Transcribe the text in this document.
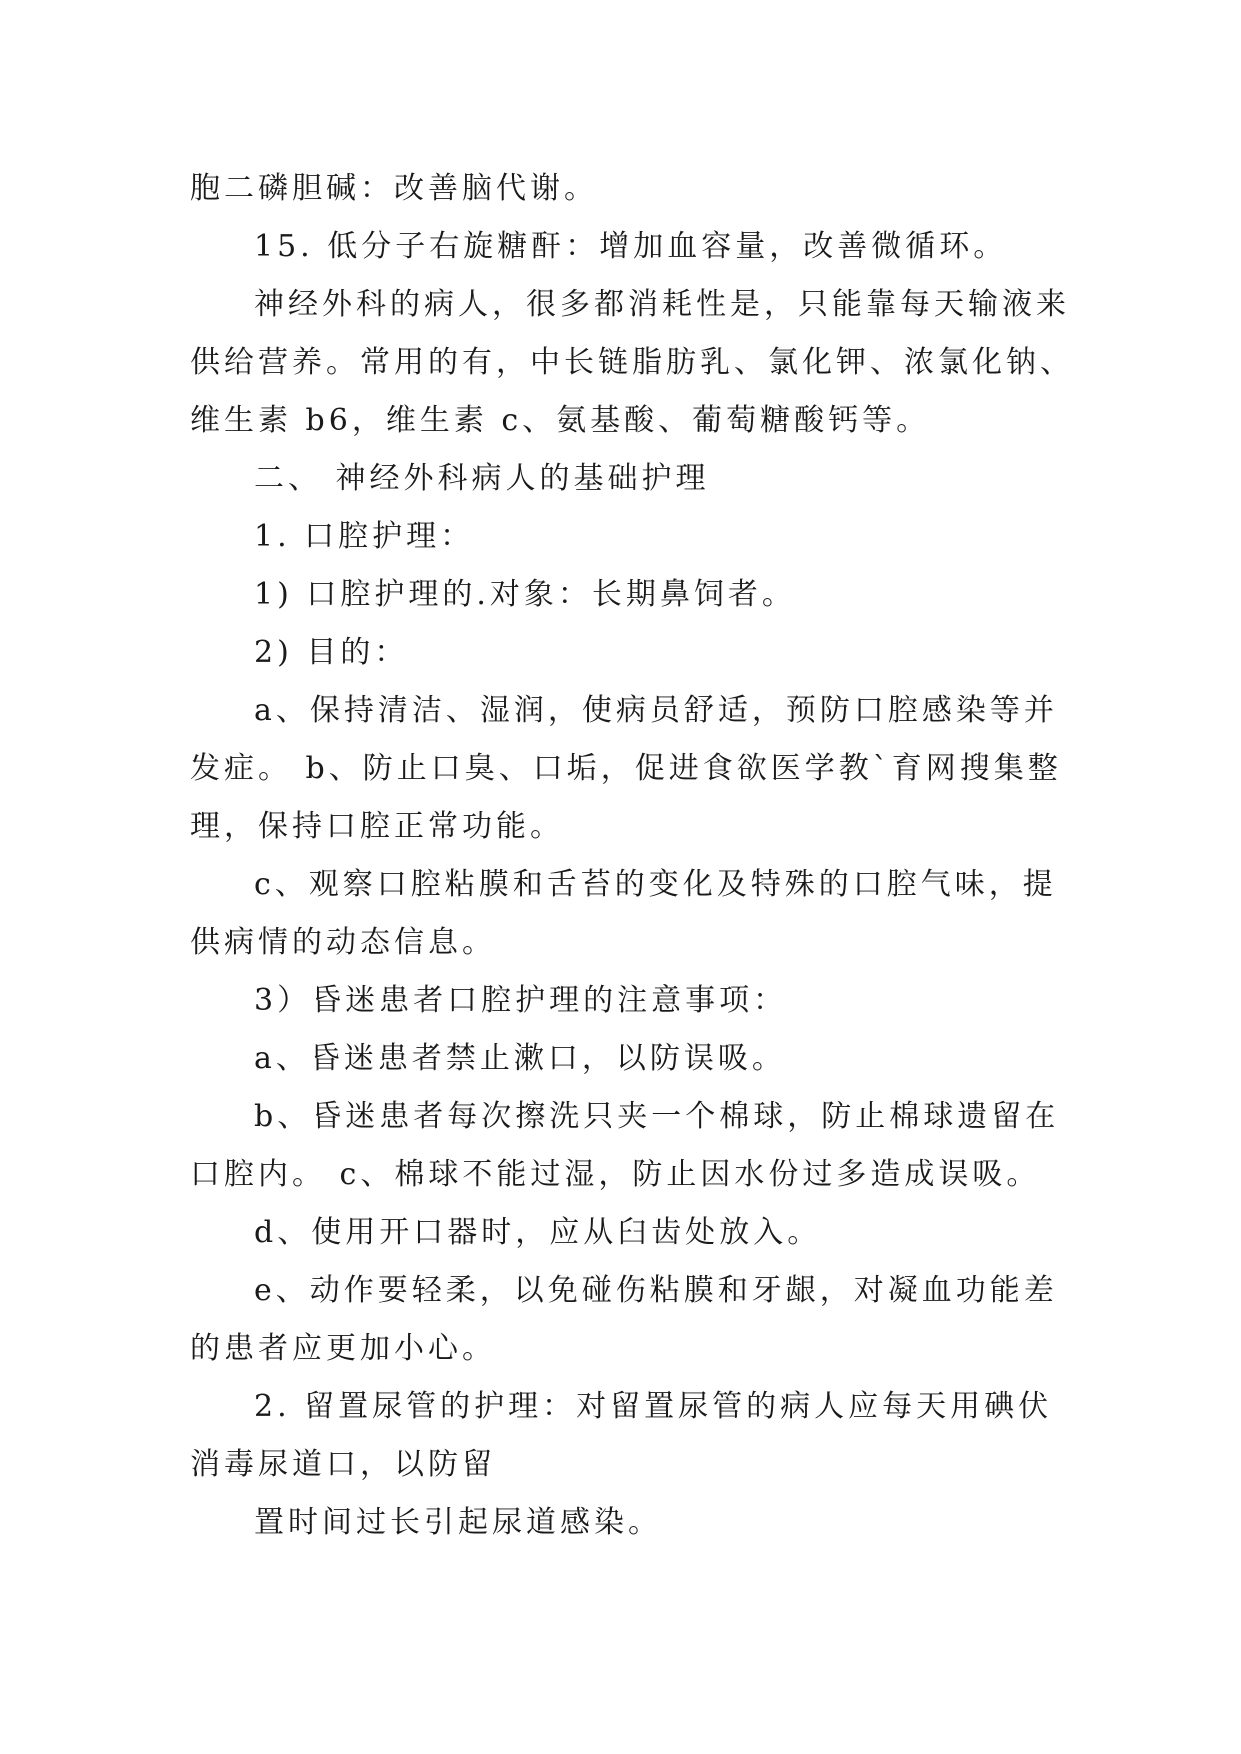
胞二磷胆碱：改善脑代谢。
15. 低分子右旋糖酐：增加血容量，改善微循环。
神经外科的病人，很多都消耗性是，只能靠每天输液来
供给营养。常用的有，中长链脂肪乳、氯化钾、浓氯化钠、
维生素 b6，维生素 c、氨基酸、葡萄糖酸钙等。
二、 神经外科病人的基础护理
1. 口腔护理：
1) 口腔护理的.对象：长期鼻饲者。
2) 目的：
a、保持清洁、湿润，使病员舒适，预防口腔感染等并
发症。 b、防止口臭、口垢，促进食欲医学教`育网搜集整
理，保持口腔正常功能。
c、观察口腔粘膜和舌苔的变化及特殊的口腔气味，提
供病情的动态信息。
3）昏迷患者口腔护理的注意事项：
a、昏迷患者禁止漱口，以防误吸。
b、昏迷患者每次擦洗只夹一个棉球，防止棉球遗留在
口腔内。 c、棉球不能过湿，防止因水份过多造成误吸。
d、使用开口器时，应从臼齿处放入。
e、动作要轻柔，以免碰伤粘膜和牙龈，对凝血功能差
的患者应更加小心。
2. 留置尿管的护理：对留置尿管的病人应每天用碘伏
消毒尿道口，以防留
置时间过长引起尿道感染。
